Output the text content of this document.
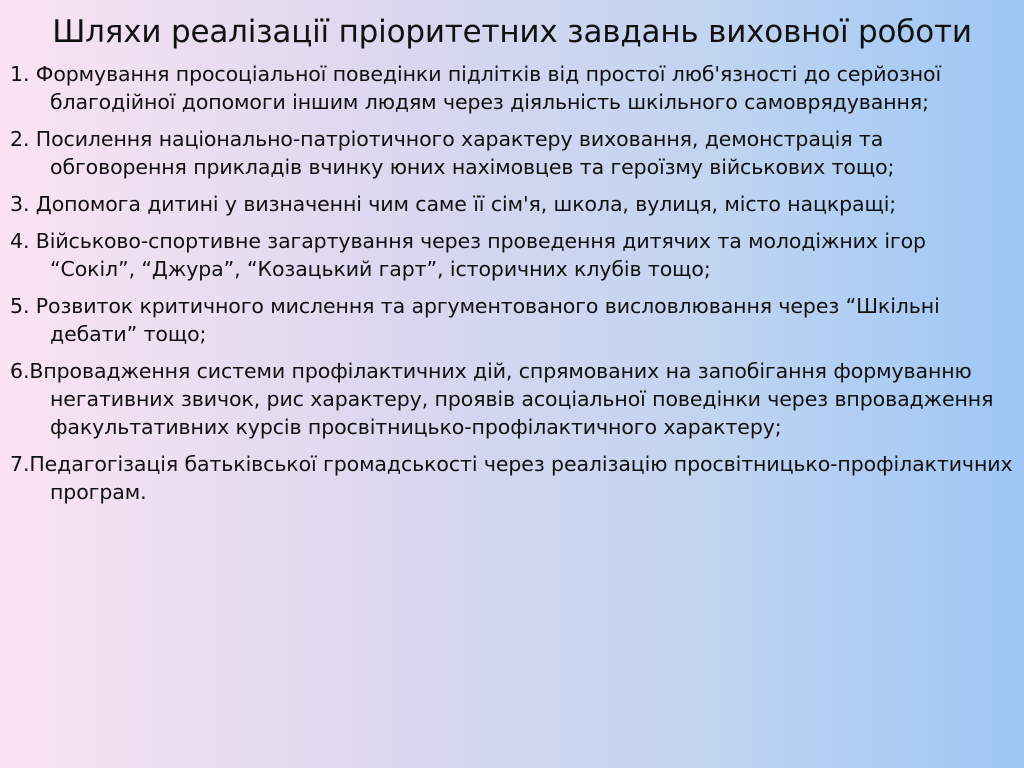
Шляхи реалізації пріоритетних завдань виховної роботи
1. Формування просоціальної поведінки підлітків від простої люб'язності до серйозної благодійної допомоги іншим людям через діяльність шкільного самоврядування;
2. Посилення національно-патріотичного характеру виховання, демонстрація та обговорення прикладів вчинку юних нахімовцев та героїзму військових тощо;
3. Допомога дитині у визначенні чим саме її сім'я, школа, вулиця, місто нацкращі;
4. Військово-спортивне загартування через проведення дитячих та молодіжних ігор “Сокіл”, “Джура”, “Козацький гарт”, історичних клубів тощо;
5. Розвиток критичного мислення та аргументованого висловлювання через “Шкільні дебати” тощо;
6.Впровадження системи профілактичних дій, спрямованих на запобігання формуванню негативних звичок, рис характеру, проявів асоціальної поведінки через впровадження факультативних курсів просвітницько-профілактичного характеру;
7.Педагогізація батьківської громадськості через реалізацію просвітницько-профілактичних програм.
